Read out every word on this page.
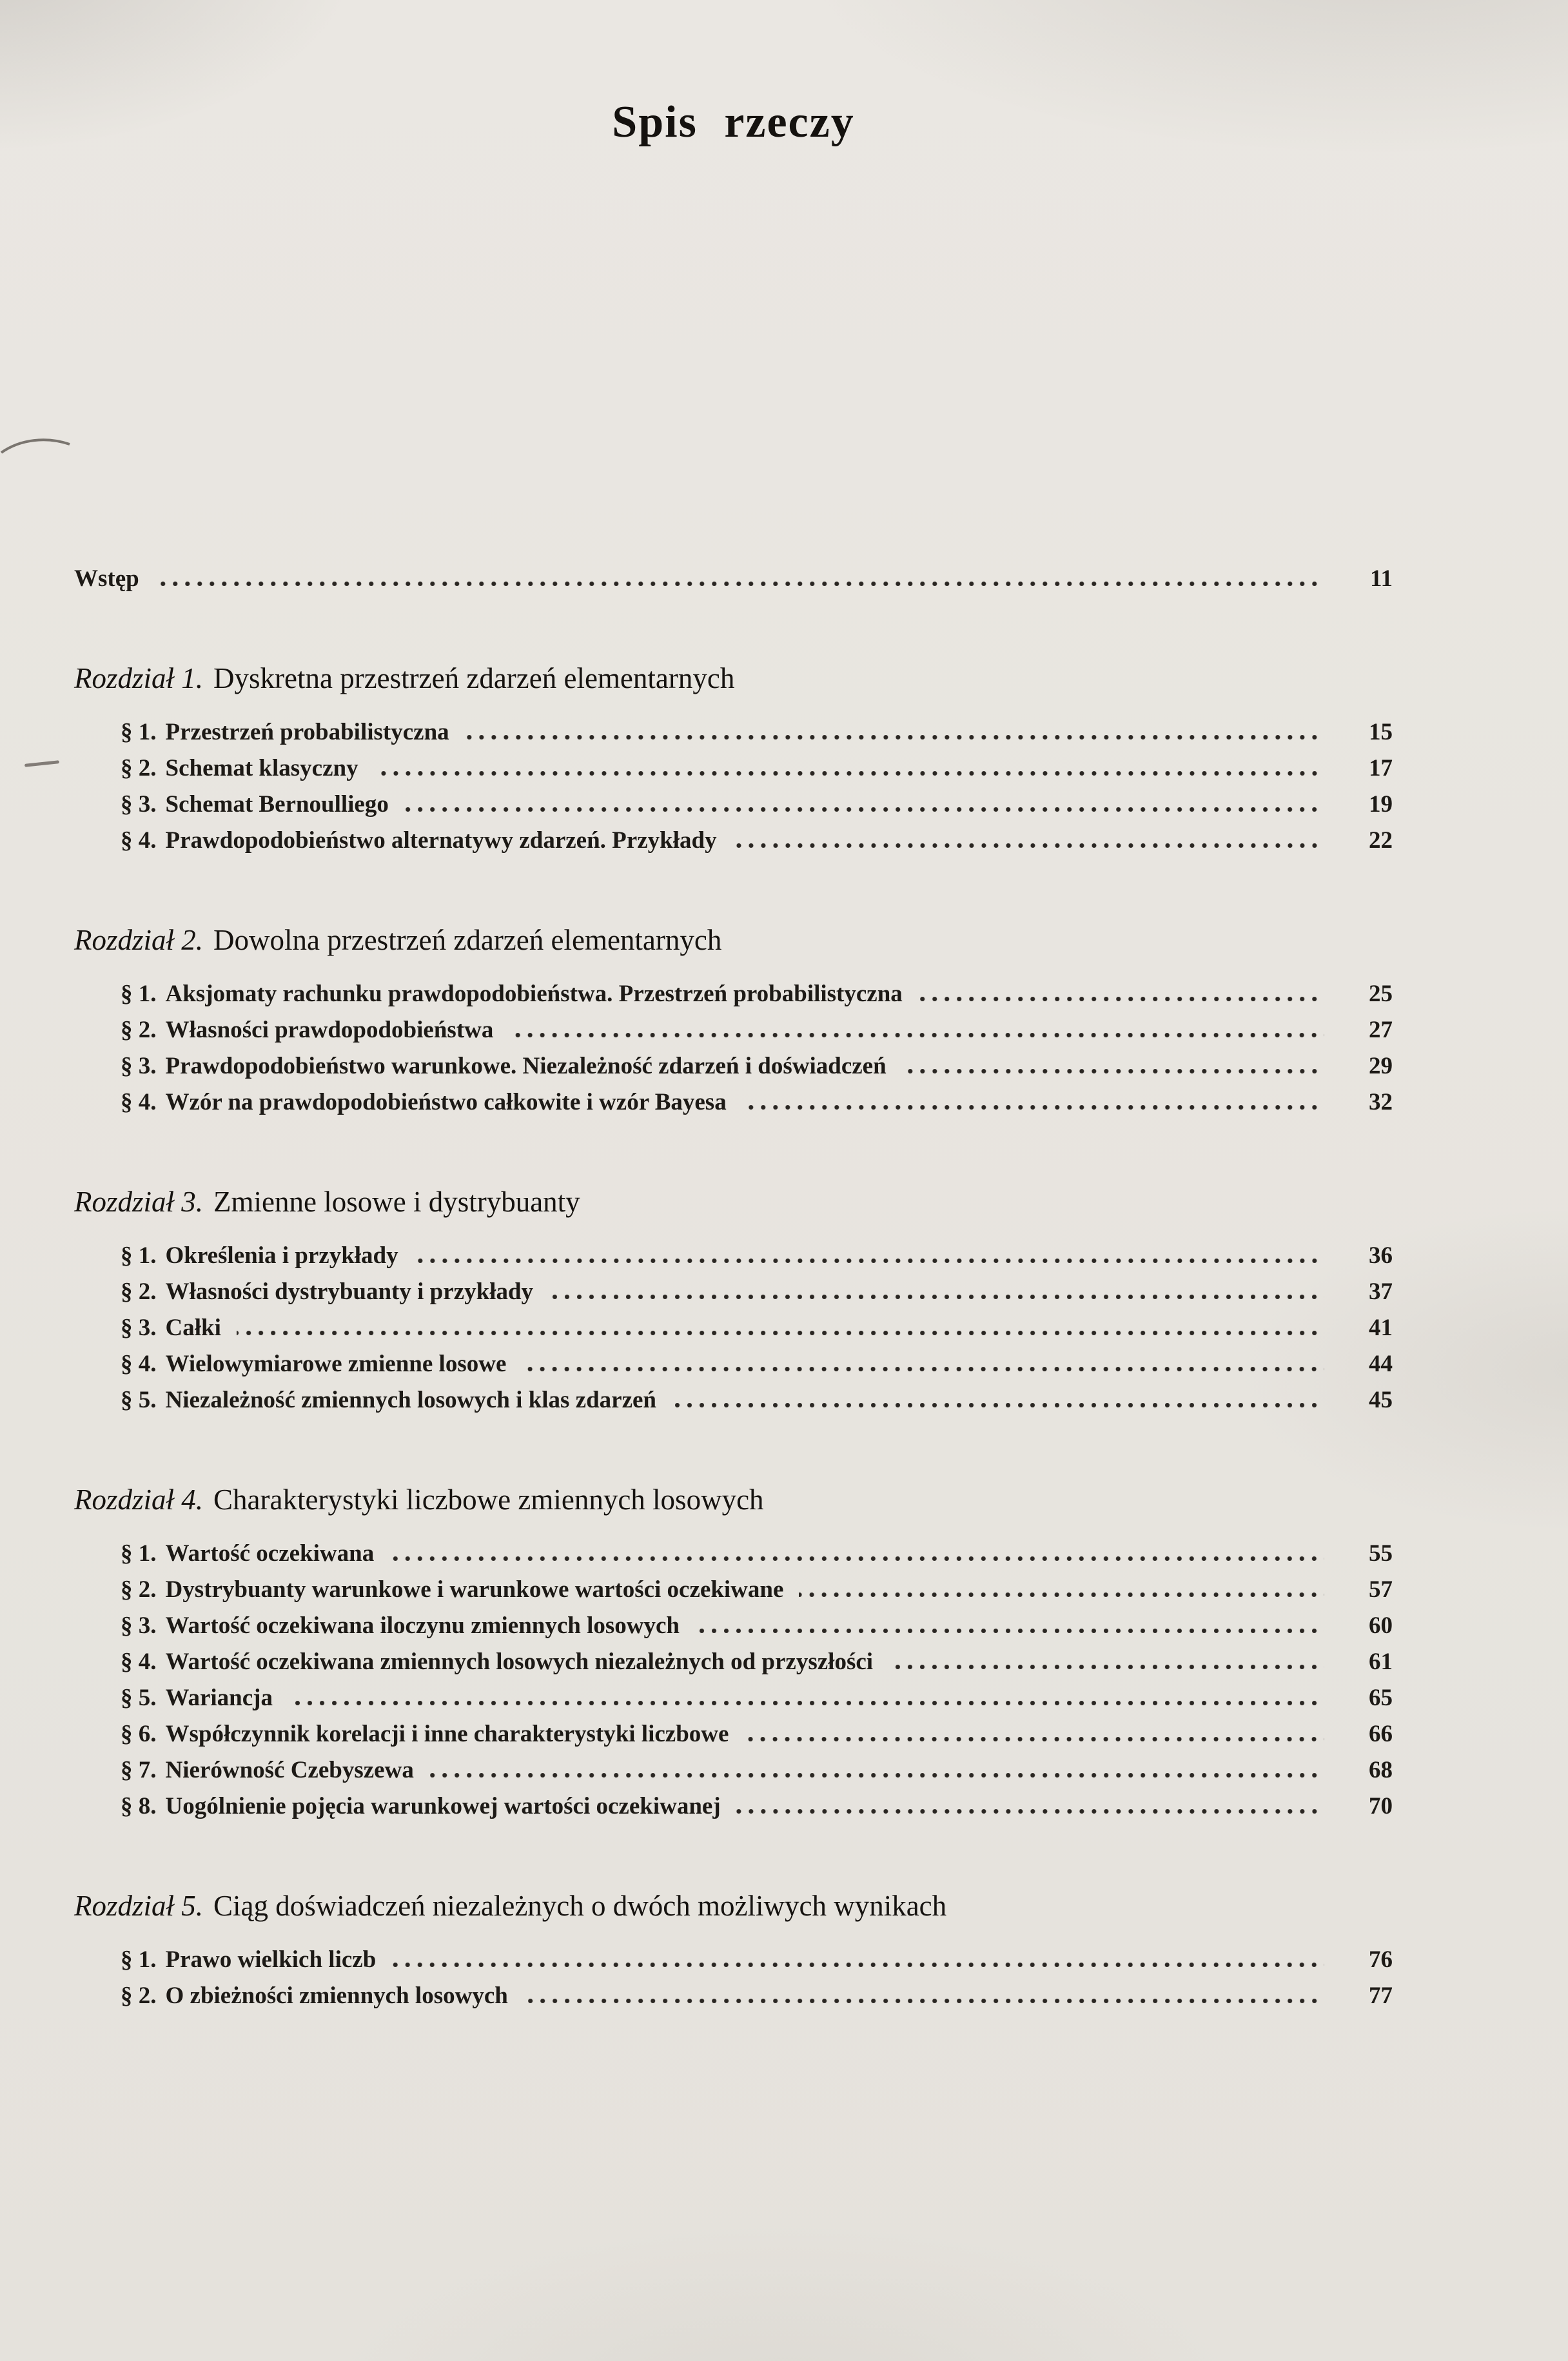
Spis rzeczy
Wstęp	11
Rozdział 1. Dyskretna przestrzeń zdarzeń elementarnych
§ 1. Przestrzeń probabilistyczna	15
§ 2. Schemat klasyczny	17
§ 3. Schemat Bernoulliego	19
§ 4. Prawdopodobieństwo alternatywy zdarzeń. Przykłady	22
Rozdział 2. Dowolna przestrzeń zdarzeń elementarnych
§ 1. Aksjomaty rachunku prawdopodobieństwa. Przestrzeń probabilistyczna	25
§ 2. Własności prawdopodobieństwa	27
§ 3. Prawdopodobieństwo warunkowe. Niezależność zdarzeń i doświadczeń	29
§ 4. Wzór na prawdopodobieństwo całkowite i wzór Bayesa	32
Rozdział 3. Zmienne losowe i dystrybuanty
§ 1. Określenia i przykłady	36
§ 2. Własności dystrybuanty i przykłady	37
§ 3. Całki	41
§ 4. Wielowymiarowe zmienne losowe	44
§ 5. Niezależność zmiennych losowych i klas zdarzeń	45
Rozdział 4. Charakterystyki liczbowe zmiennych losowych
§ 1. Wartość oczekiwana	55
§ 2. Dystrybuanty warunkowe i warunkowe wartości oczekiwane	57
§ 3. Wartość oczekiwana iloczynu zmiennych losowych	60
§ 4. Wartość oczekiwana zmiennych losowych niezależnych od przyszłości	61
§ 5. Wariancja	65
§ 6. Współczynnik korelacji i inne charakterystyki liczbowe	66
§ 7. Nierówność Czebyszewa	68
§ 8. Uogólnienie pojęcia warunkowej wartości oczekiwanej	70
Rozdział 5. Ciąg doświadczeń niezależnych o dwóch możliwych wynikach
§ 1. Prawo wielkich liczb	76
§ 2. O zbieżności zmiennych losowych	77
